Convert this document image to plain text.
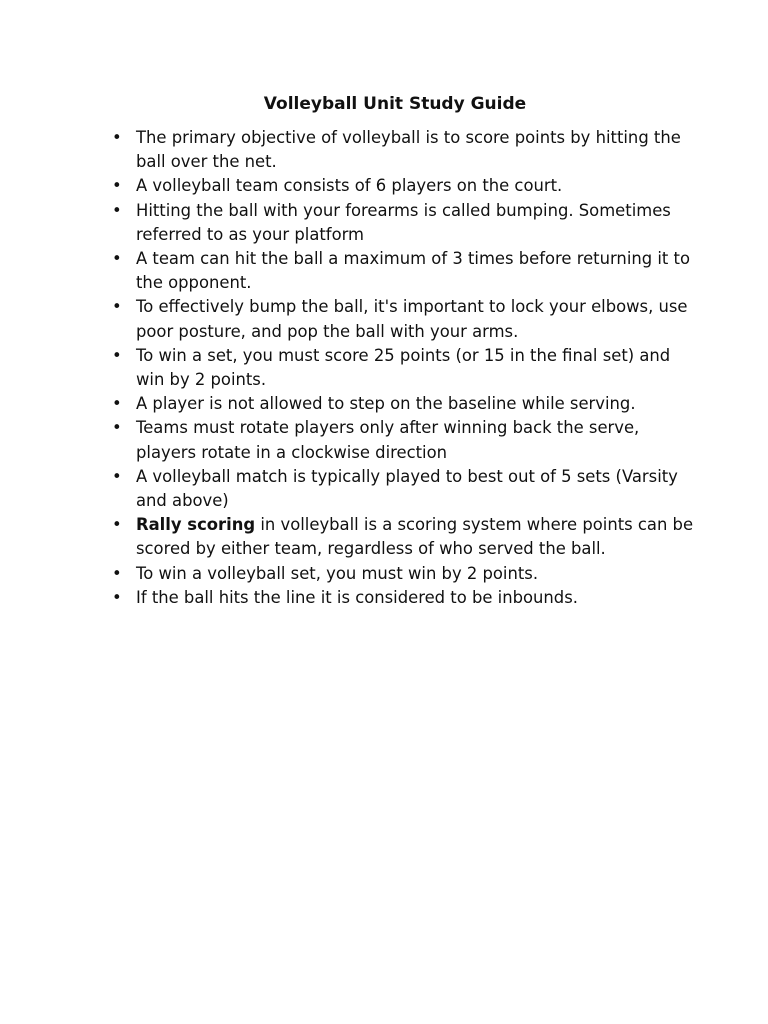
Volleyball Unit Study Guide
• The primary objective of volleyball is to score points by hitting the ball over the net.
• A volleyball team consists of 6 players on the court.
• Hitting the ball with your forearms is called bumping. Sometimes referred to as your platform
• A team can hit the ball a maximum of 3 times before returning it to the opponent.
• To effectively bump the ball, it's important to lock your elbows, use poor posture, and pop the ball with your arms.
• To win a set, you must score 25 points (or 15 in the final set) and win by 2 points.
• A player is not allowed to step on the baseline while serving.
• Teams must rotate players only after winning back the serve, players rotate in a clockwise direction
• A volleyball match is typically played to best out of 5 sets (Varsity and above)
• Rally scoring in volleyball is a scoring system where points can be scored by either team, regardless of who served the ball.
• To win a volleyball set, you must win by 2 points.
• If the ball hits the line it is considered to be inbounds.
